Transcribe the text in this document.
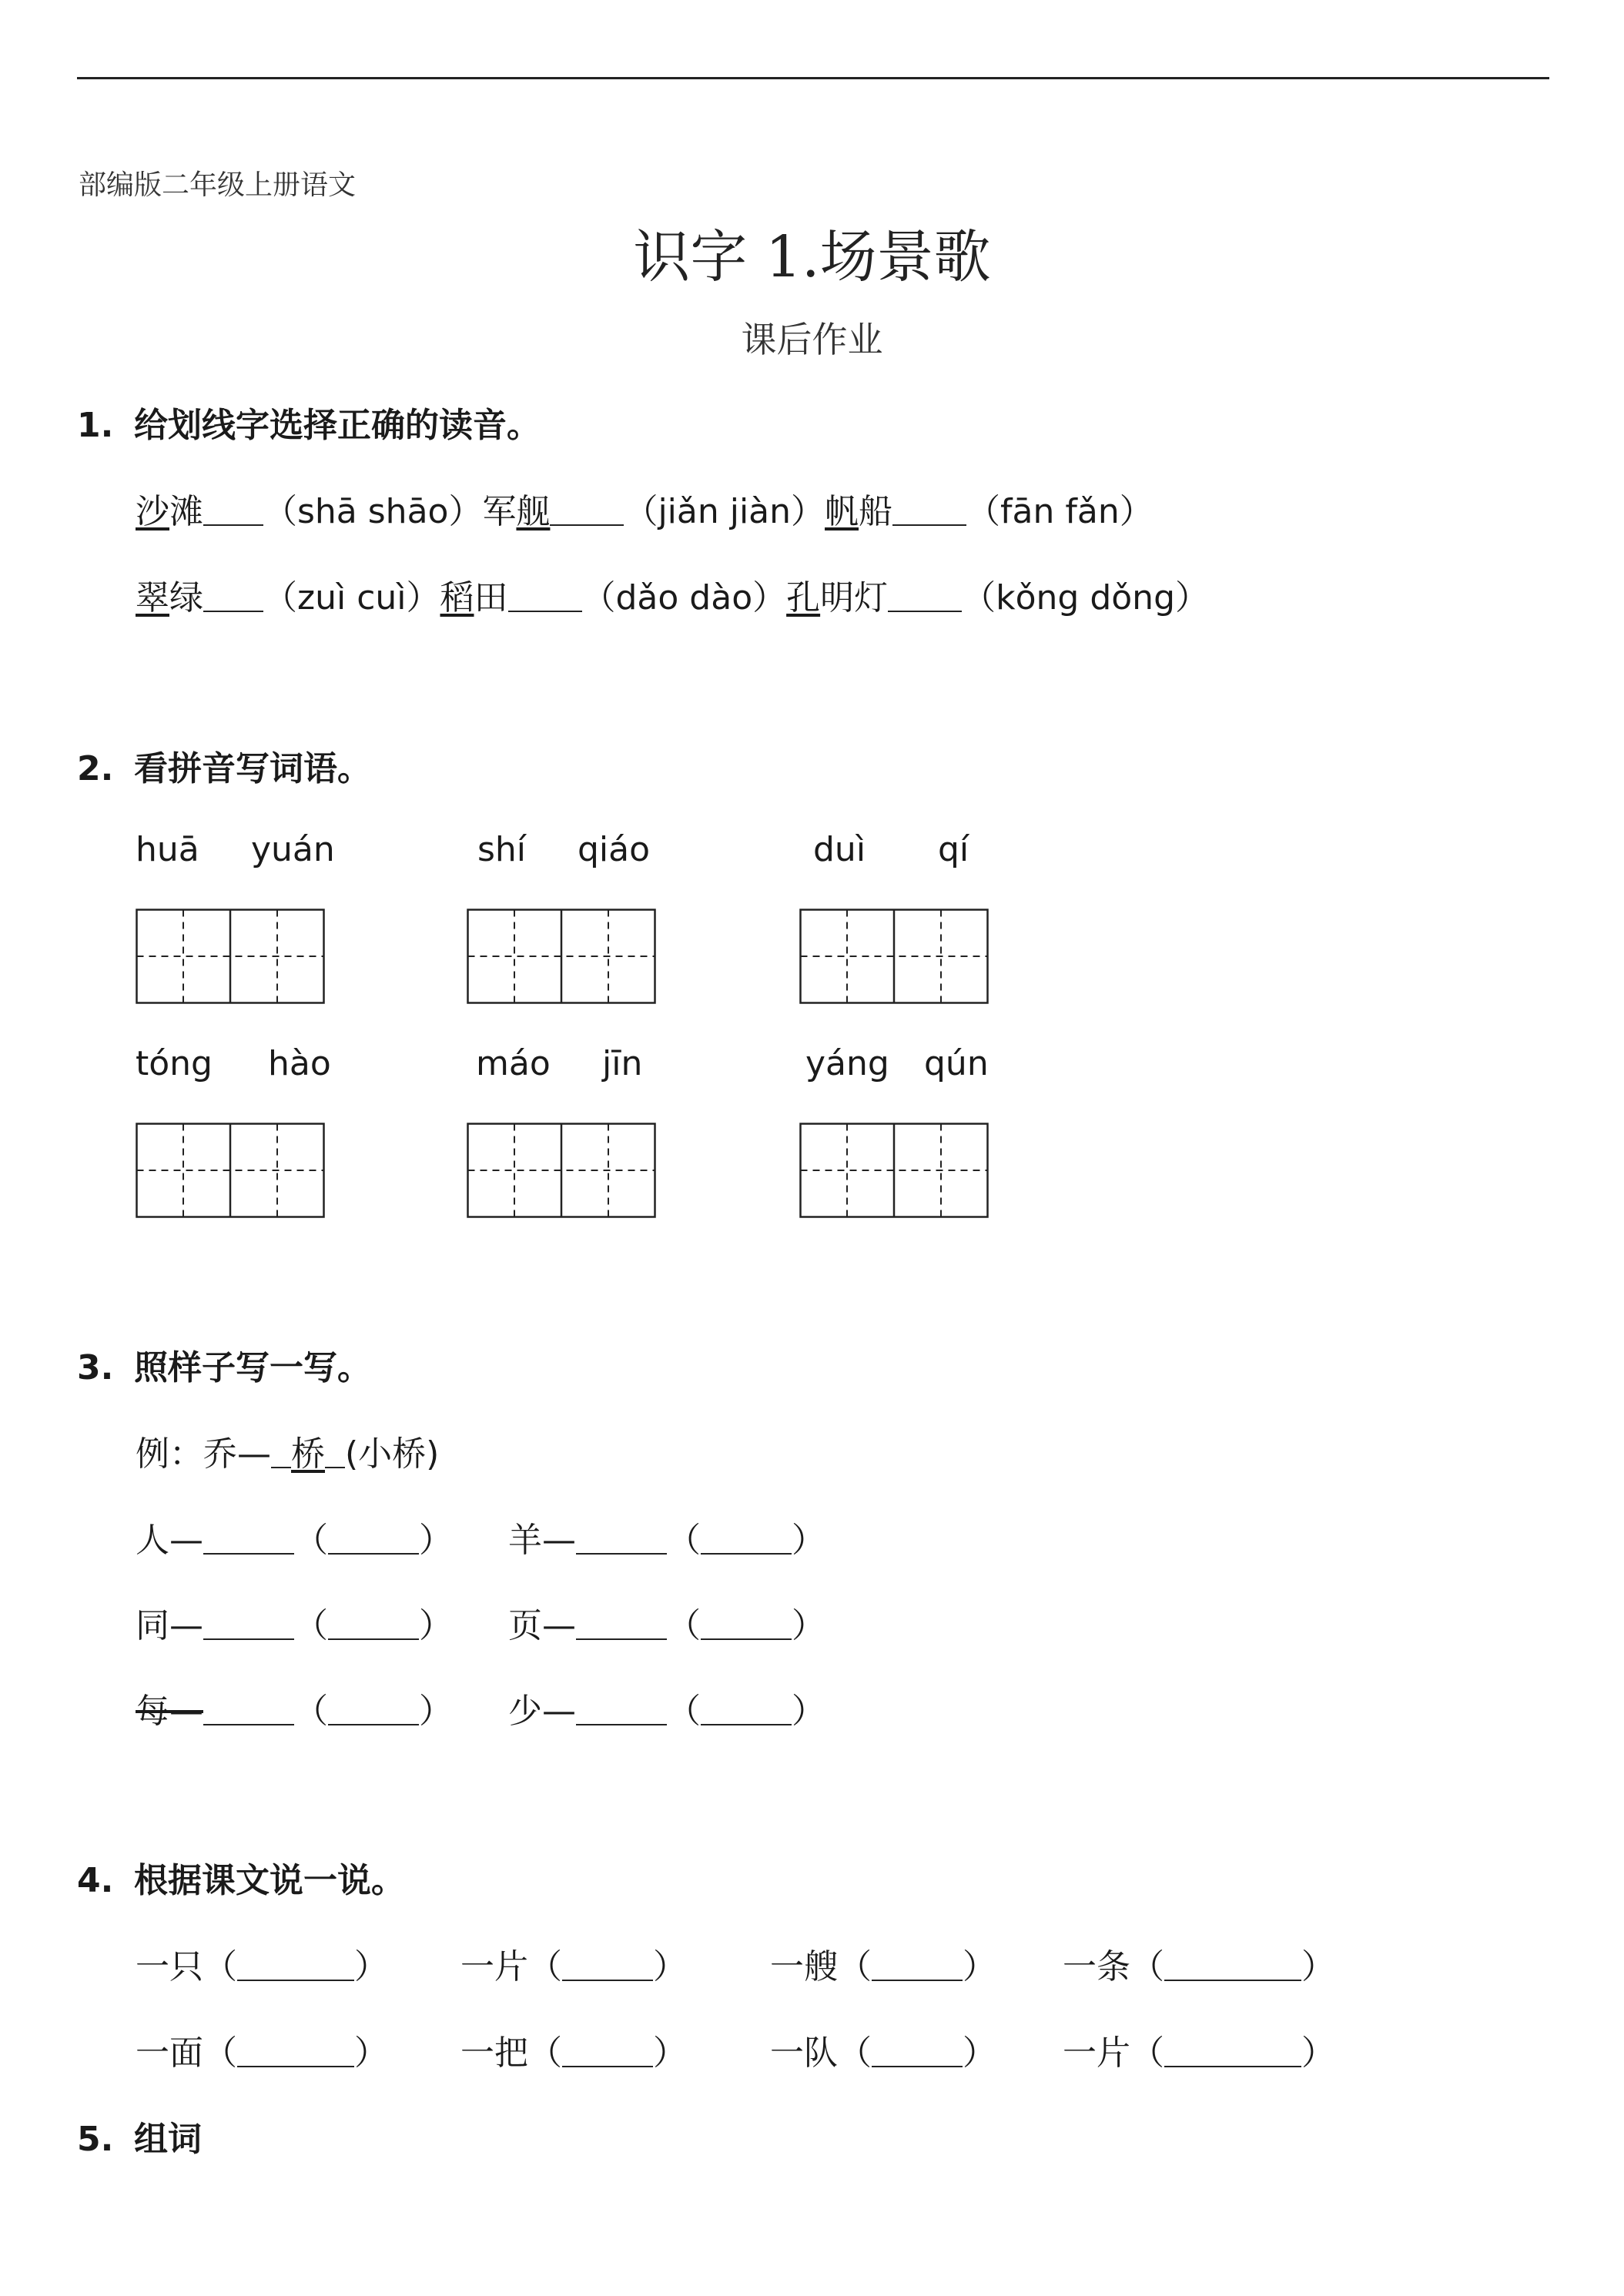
部编版二年级上册语文
识字 1.场景歌
课后作业
1. 给划线字选择正确的读音。
沙滩 （shā shāo）军舰 （jiǎn jiàn）帆船 （fān fǎn）
翠绿 （zuì cuì）稻田 （dǎo dào）孔明灯 （kǒng dǒng）
2. 看拼音写词语。
huā yuán	shí qiáo	duì qí
tóng hào	máo jīn	yáng qún
3. 照样子写一写。
例：乔— 桥 (小桥)
人—	（	） 羊—	（	）
同—	（	） 页—	（	）
每—	（	） 少—	（	）
4. 根据课文说一说。
一只（	） 一片（	） 一艘（	） 一条（	）
一面（	） 一把（	） 一队（	） 一片（	）
5. 组词
